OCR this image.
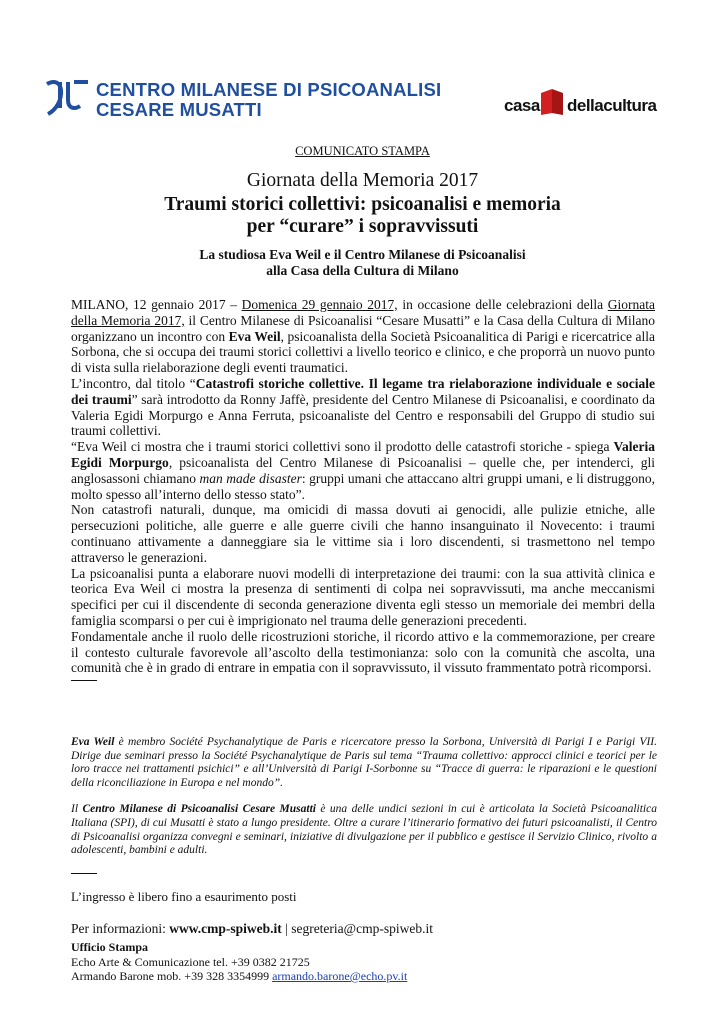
CENTRO MILANESE DI PSICOANALISI
CESARE MUSATTI	casa dellacultura
COMUNICATO STAMPA
Giornata della Memoria 2017
Traumi storici collettivi: psicoanalisi e memoria
per “curare” i sopravvissuti
La studiosa Eva Weil e il Centro Milanese di Psicoanalisi
alla Casa della Cultura di Milano

MILANO, 12 gennaio 2017 – Domenica 29 gennaio 2017, in occasione delle celebrazioni della Giornata della Memoria 2017, il Centro Milanese di Psicoanalisi “Cesare Musatti” e la Casa della Cultura di Milano organizzano un incontro con Eva Weil, psicoanalista della Società Psicoanalitica di Parigi e ricercatrice alla Sorbona, che si occupa dei traumi storici collettivi a livello teorico e clinico, e che proporrà un nuovo punto di vista sulla rielaborazione degli eventi traumatici.

L’incontro, dal titolo “Catastrofi storiche collettive. Il legame tra rielaborazione individuale e sociale dei traumi” sarà introdotto da Ronny Jaffè, presidente del Centro Milanese di Psicoanalisi, e coordinato da Valeria Egidi Morpurgo e Anna Ferruta, psicoanaliste del Centro e responsabili del Gruppo di studio sui traumi collettivi.

“Eva Weil ci mostra che i traumi storici collettivi sono il prodotto delle catastrofi storiche - spiega Valeria Egidi Morpurgo, psicoanalista del Centro Milanese di Psicoanalisi – quelle che, per intenderci, gli anglosassoni chiamano man made disaster: gruppi umani che attaccano altri gruppi umani, e li distruggono, molto spesso all’interno dello stesso stato”.

Non catastrofi naturali, dunque, ma omicidi di massa dovuti ai genocidi, alle pulizie etniche, alle persecuzioni politiche, alle guerre e alle guerre civili che hanno insanguinato il Novecento: i traumi continuano attivamente a danneggiare sia le vittime sia i loro discendenti, si trasmettono nel tempo attraverso le generazioni.

La psicoanalisi punta a elaborare nuovi modelli di interpretazione dei traumi: con la sua attività clinica e teorica Eva Weil ci mostra la presenza di sentimenti di colpa nei sopravvissuti, ma anche meccanismi specifici per cui il discendente di seconda generazione diventa egli stesso un memoriale dei membri della famiglia scomparsi o per cui è imprigionato nel trauma delle generazioni precedenti.

Fondamentale anche il ruolo delle ricostruzioni storiche, il ricordo attivo e la commemorazione, per creare il contesto culturale favorevole all’ascolto della testimonianza: solo con la comunità che ascolta, una comunità che è in grado di entrare in empatia con il sopravvissuto, il vissuto frammentato potrà ricomporsi.

Eva Weil è membro Société Psychanalytique de Paris e ricercatore presso la Sorbona, Università di Parigi I e Parigi VII. Dirige due seminari presso la Société Psychanalytique de Paris sul tema “Trauma collettivo: approcci clinici e teorici per le loro tracce nei trattamenti psichici” e all’Università di Parigi I-Sorbonne su “Tracce di guerra: le riparazioni e le questioni della riconciliazione in Europa e nel mondo”.

Il Centro Milanese di Psicoanalisi Cesare Musatti è una delle undici sezioni in cui è articolata la Società Psicoanalitica Italiana (SPI), di cui Musatti è stato a lungo presidente. Oltre a curare l’itinerario formativo dei futuri psicoanalisti, il Centro di Psicoanalisi organizza convegni e seminari, iniziative di divulgazione per il pubblico e gestisce il Servizio Clinico, rivolto a adolescenti, bambini e adulti.

L’ingresso è libero fino a esaurimento posti
Per informazioni: www.cmp-spiweb.it | segreteria@cmp-spiweb.it
Ufficio Stampa
Echo Arte & Comunicazione tel. +39 0382 21725
Armando Barone mob. +39 328 3354999 armando.barone@echo.pv.it
